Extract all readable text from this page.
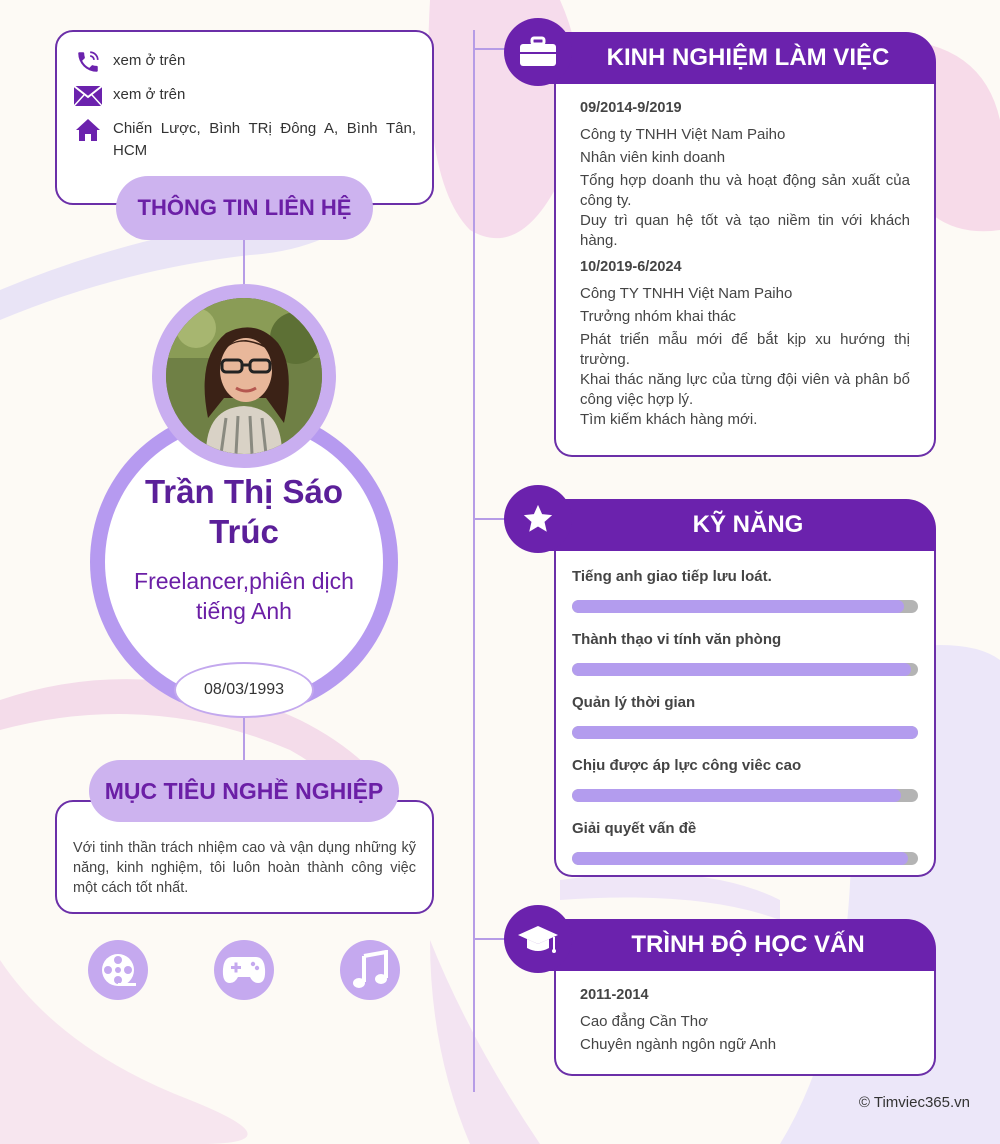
xem ở trên
xem ở trên
Chiến Lược, Bình TRị Đông A, Bình Tân, HCM
THÔNG TIN LIÊN HỆ
Trần Thị Sáo Trúc
Freelancer,phiên dịch tiếng Anh
08/03/1993
Với tinh thần trách nhiệm cao và vận dụng những kỹ năng, kinh nghiệm, tôi luôn hoàn thành công việc một cách tốt nhất.
MỤC TIÊU NGHỀ NGHIỆP
KINH NGHIỆM LÀM VIỆC
09/2014-9/2019
Công ty TNHH Việt Nam Paiho
Nhân viên kinh doanh
Tổng hợp doanh thu và hoạt động sản xuất của công ty.
Duy trì quan hệ tốt và tạo niềm tin với khách hàng.
10/2019-6/2024
Công TY TNHH Việt Nam Paiho
Trưởng nhóm khai thác
Phát triển mẫu mới để bắt kịp xu hướng thị trường.
Khai thác năng lực của từng đội viên và phân bổ công việc hợp lý.
Tìm kiếm khách hàng mới.
KỸ NĂNG
Tiếng anh giao tiếp lưu loát.
Thành thạo vi tính văn phòng
Quản lý thời gian
Chịu được áp lực công viêc cao
Giải quyết vấn đề
TRÌNH ĐỘ HỌC VẤN
2011-2014
Cao đẳng Cần Thơ
Chuyên ngành ngôn ngữ Anh
© Timviec365.vn
